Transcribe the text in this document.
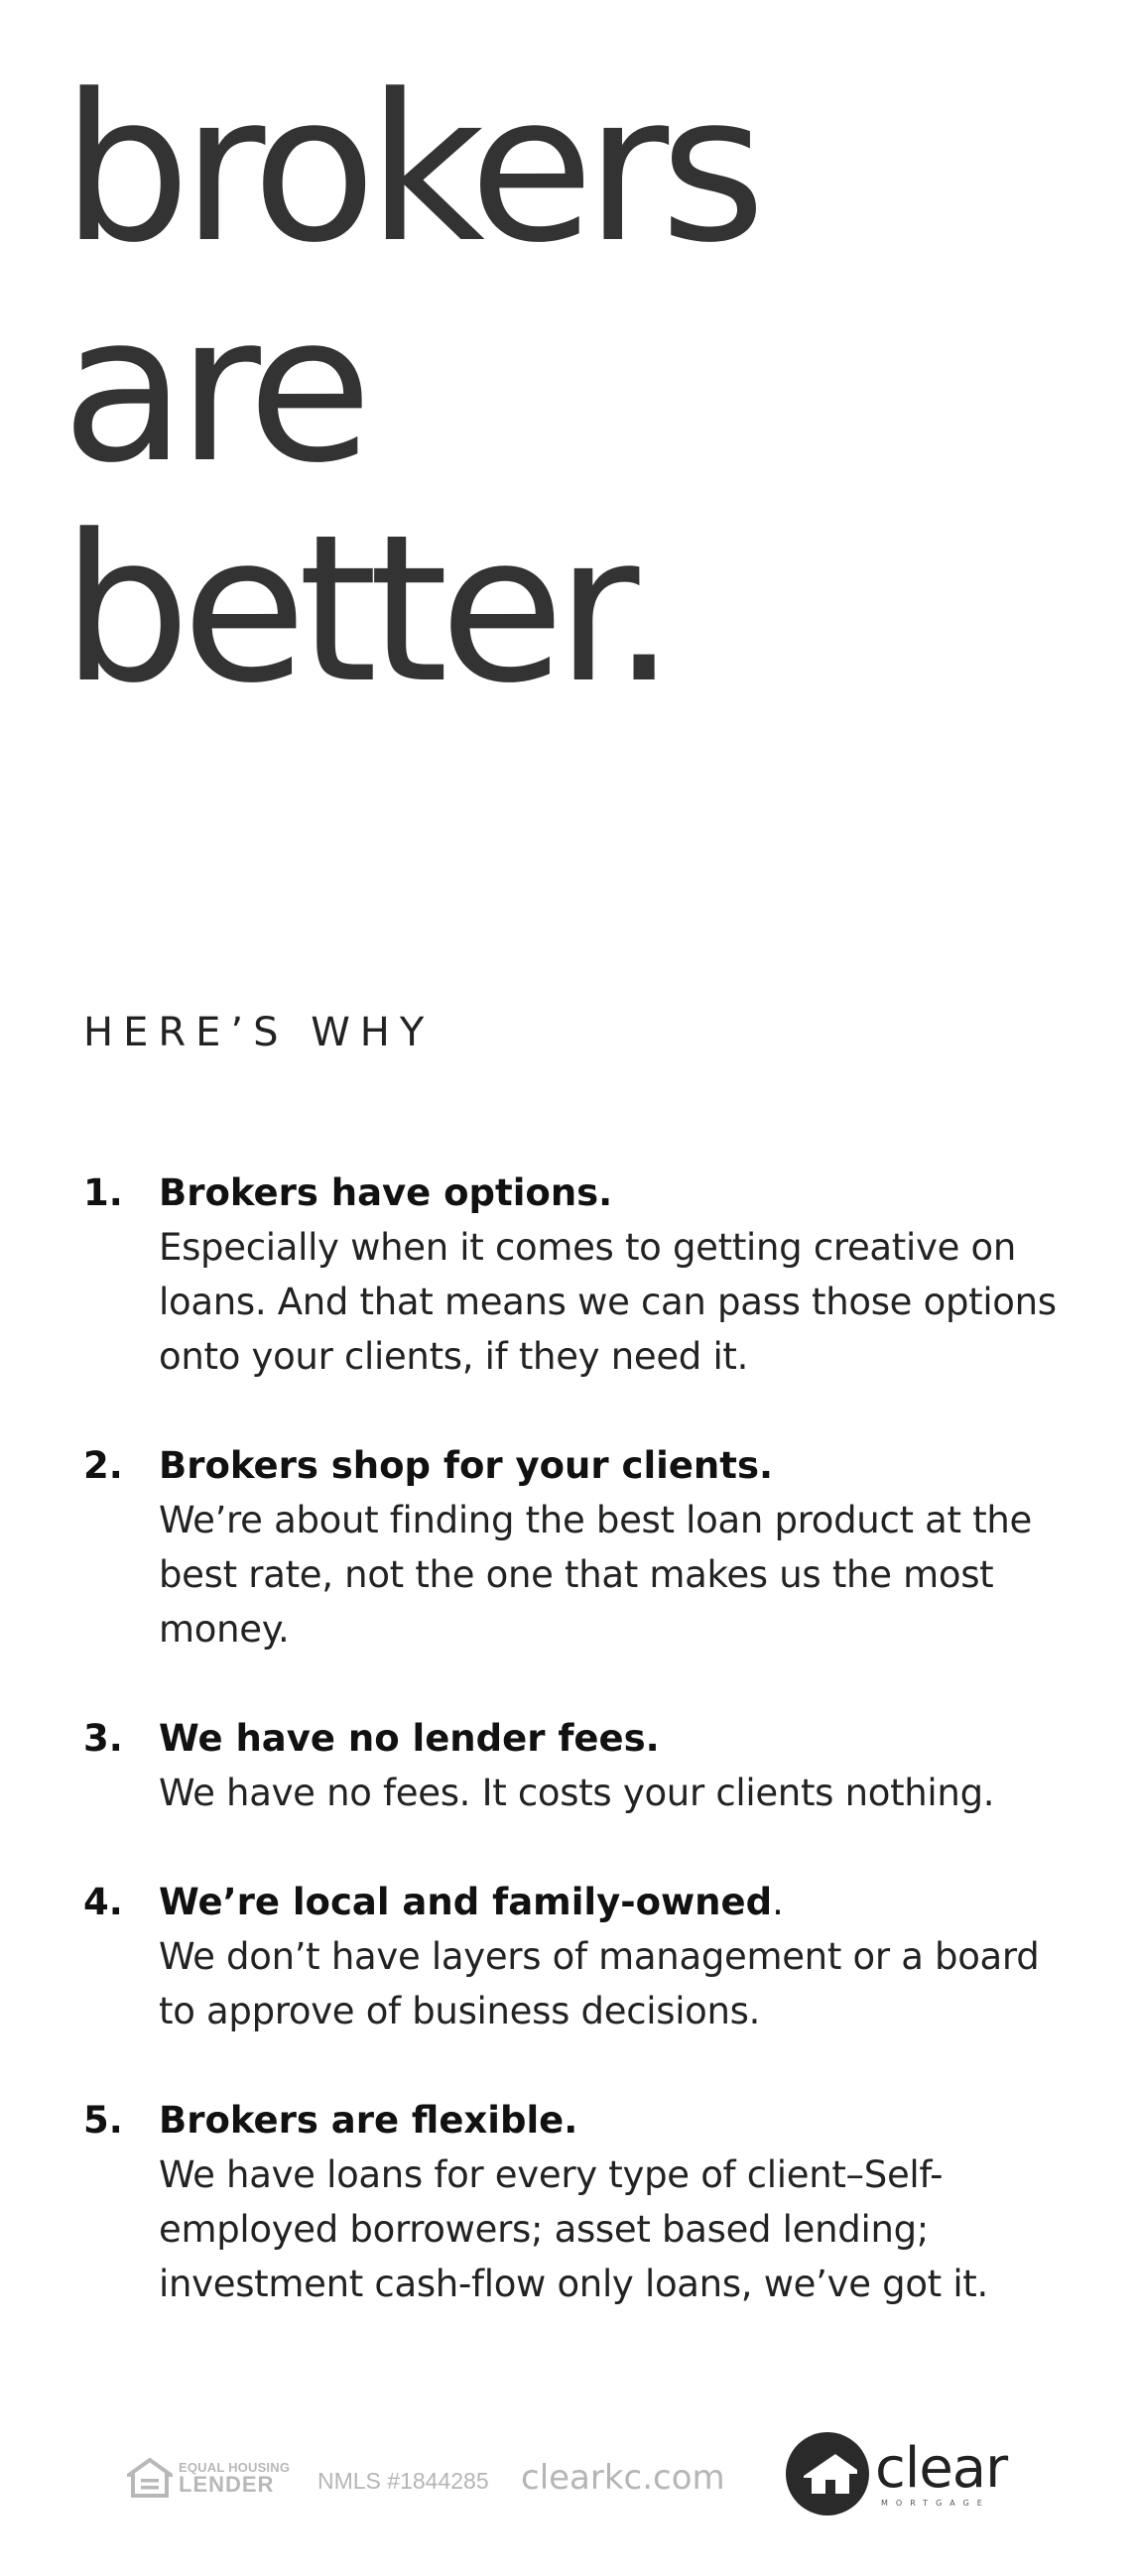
brokers
are
better.
HERE’S WHY
1. Brokers have options.
Especially when it comes to getting creative on loans. And that means we can pass those options onto your clients, if they need it.
2. Brokers shop for your clients.
We’re about finding the best loan product at the best rate, not the one that makes us the most money.
3. We have no lender fees.
We have no fees. It costs your clients nothing.
4. We’re local and family-owned.
We don’t have layers of management or a board to approve of business decisions.
5. Brokers are flexible.
We have loans for every type of client–Self-employed borrowers; asset based lending; investment cash-flow only loans, we’ve got it.
EQUAL HOUSING
LENDER	NMLS #1844285 clearkc.com	clear
MORTGAGE
